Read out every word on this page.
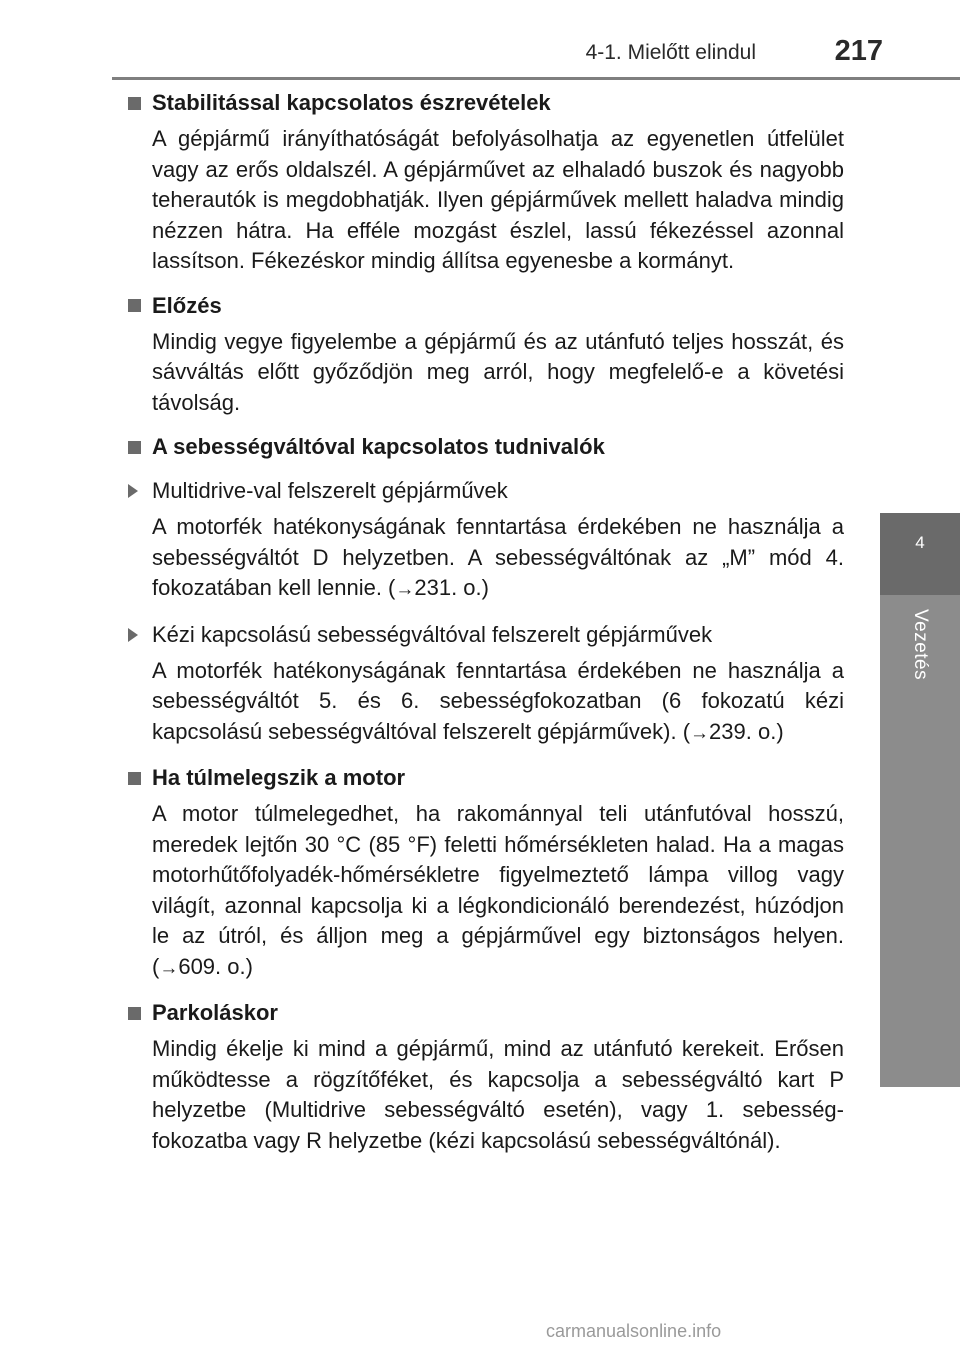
4-1. Mielőtt elindul	217
4
Vezetés
Stabilitással kapcsolatos észrevételek

A gépjármű irányíthatóságát befolyásolhatja az egyenetlen útfelület vagy az erős oldalszél. A gépjárművet az elhaladó buszok és nagyobb teherautók is megdobhatják. Ilyen gépjárművek mellett haladva mindig nézzen hátra. Ha efféle mozgást észlel, lassú fékezéssel azonnal lassítson. Fékezéskor mindig állítsa egyenesbe a kormányt.

Előzés

Mindig vegye figyelembe a gépjármű és az utánfutó teljes hosszát, és sávváltás előtt győződjön meg arról, hogy megfelelő-e a követési távolság.

A sebességváltóval kapcsolatos tudnivalók
Multidrive-val felszerelt gépjárművek

A motorfék hatékonyságának fenntartása érdekében ne használja a sebességváltót D helyzetben. A sebességváltónak az „M” mód 4. fokozatában kell lennie. (→231. o.)

Kézi kapcsolású sebességváltóval felszerelt gépjárművek

A motorfék hatékonyságának fenntartása érdekében ne használja a sebességváltót 5. és 6. sebességfokozatban (6 fokozatú kézi kapcsolású sebességváltóval felszerelt gépjárművek). (→239. o.)

Ha túlmelegszik a motor

A motor túlmelegedhet, ha rakománnyal teli utánfutóval hosszú, meredek lejtőn 30 °C (85 °F) feletti hőmérsékleten halad. Ha a magas motorhűtőfolyadék-hőmérsékletre figyelmeztető lámpa villog vagy világít, azonnal kapcsolja ki a légkondicionáló berendezést, húzódjon le az útról, és álljon meg a gépjárművel egy biztonságos helyen. (→609. o.)

Parkoláskor

Mindig ékelje ki mind a gépjármű, mind az utánfutó kerekeit. Erősen működtesse a rögzítőféket, és kapcsolja a sebességváltó kart P helyzetbe (Multidrive sebességváltó esetén), vagy 1. sebességfokozatba vagy R helyzetbe (kézi kapcsolású sebességváltónál).

carmanualsonline.info
